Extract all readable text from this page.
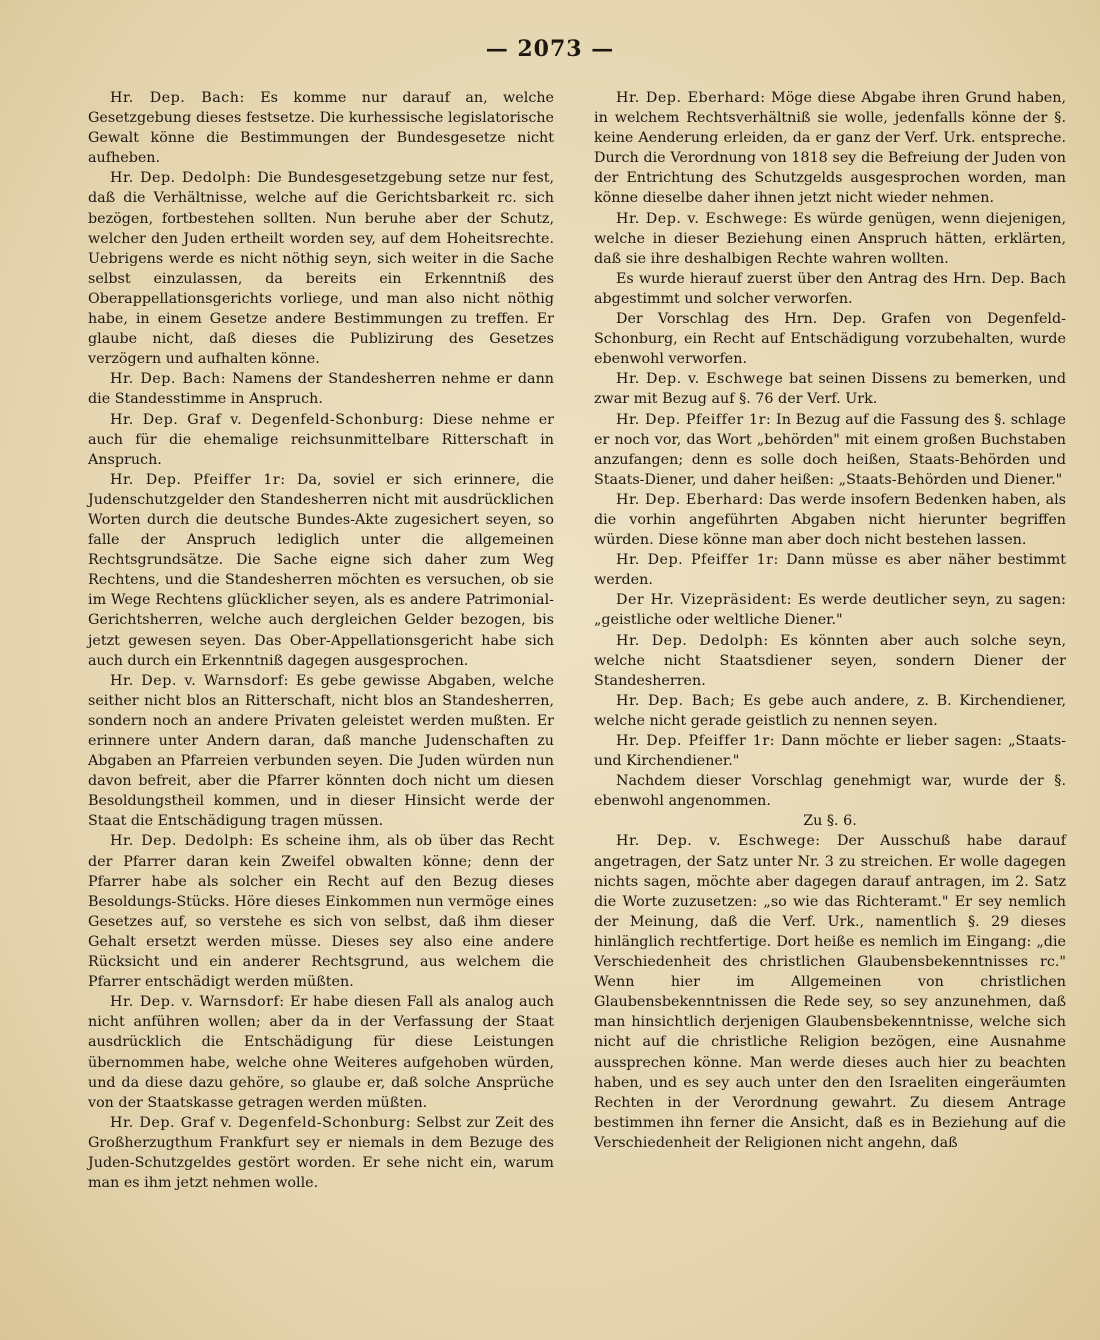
— 2073 —

Hr. Dep. Bach: Es komme nur darauf an, welche Gesetzgebung dieses festsetze. Die kurhessische legislatorische Gewalt könne die Bestimmungen der Bundesgesetze nicht aufheben.

Hr. Dep. Dedolph: Die Bundesgesetzgebung setze nur fest, daß die Verhältnisse, welche auf die Gerichtsbarkeit rc. sich bezögen, fortbestehen sollten. Nun beruhe aber der Schutz, welcher den Juden ertheilt worden sey, auf dem Hoheitsrechte. Uebrigens werde es nicht nöthig seyn, sich weiter in die Sache selbst einzulassen, da bereits ein Erkenntniß des Oberappellationsgerichts vorliege, und man also nicht nöthig habe, in einem Gesetze andere Bestimmungen zu treffen. Er glaube nicht, daß dieses die Publizirung des Gesetzes verzögern und aufhalten könne.

Hr. Dep. Bach: Namens der Standesherren nehme er dann die Standesstimme in Anspruch.

Hr. Dep. Graf v. Degenfeld-Schonburg: Diese nehme er auch für die ehemalige reichsunmittelbare Ritterschaft in Anspruch.

Hr. Dep. Pfeiffer 1r: Da, soviel er sich erinnere, die Judenschutzgelder den Standesherren nicht mit ausdrücklichen Worten durch die deutsche Bundes-Akte zugesichert seyen, so falle der Anspruch lediglich unter die allgemeinen Rechtsgrundsätze. Die Sache eigne sich daher zum Weg Rechtens, und die Standesherren möchten es versuchen, ob sie im Wege Rechtens glücklicher seyen, als es andere Patrimonial-Gerichtsherren, welche auch dergleichen Gelder bezogen, bis jetzt gewesen seyen. Das Ober-Appellationsgericht habe sich auch durch ein Erkenntniß dagegen ausgesprochen.

Hr. Dep. v. Warnsdorf: Es gebe gewisse Abgaben, welche seither nicht blos an Ritterschaft, nicht blos an Standesherren, sondern noch an andere Privaten geleistet werden mußten. Er erinnere unter Andern daran, daß manche Judenschaften zu Abgaben an Pfarreien verbunden seyen. Die Juden würden nun davon befreit, aber die Pfarrer könnten doch nicht um diesen Besoldungstheil kommen, und in dieser Hinsicht werde der Staat die Entschädigung tragen müssen.

Hr. Dep. Dedolph: Es scheine ihm, als ob über das Recht der Pfarrer daran kein Zweifel obwalten könne; denn der Pfarrer habe als solcher ein Recht auf den Bezug dieses Besoldungs-Stücks. Höre dieses Einkommen nun vermöge eines Gesetzes auf, so verstehe es sich von selbst, daß ihm dieser Gehalt ersetzt werden müsse. Dieses sey also eine andere Rücksicht und ein anderer Rechtsgrund, aus welchem die Pfarrer entschädigt werden müßten.

Hr. Dep. v. Warnsdorf: Er habe diesen Fall als analog auch nicht anführen wollen; aber da in der Verfassung der Staat ausdrücklich die Entschädigung für diese Leistungen übernommen habe, welche ohne Weiteres aufgehoben würden, und da diese dazu gehöre, so glaube er, daß solche Ansprüche von der Staatskasse getragen werden müßten.

Hr. Dep. Graf v. Degenfeld-Schonburg: Selbst zur Zeit des Großherzugthum Frankfurt sey er niemals in dem Bezuge des Juden-Schutzgeldes gestört worden. Er sehe nicht ein, warum man es ihm jetzt nehmen wolle.

Hr. Dep. Eberhard: Möge diese Abgabe ihren Grund haben, in welchem Rechtsverhältniß sie wolle, jedenfalls könne der §. keine Aenderung erleiden, da er ganz der Verf. Urk. entspreche. Durch die Verordnung von 1818 sey die Befreiung der Juden von der Entrichtung des Schutzgelds ausgesprochen worden, man könne dieselbe daher ihnen jetzt nicht wieder nehmen.

Hr. Dep. v. Eschwege: Es würde genügen, wenn diejenigen, welche in dieser Beziehung einen Anspruch hätten, erklärten, daß sie ihre deshalbigen Rechte wahren wollten.

Es wurde hierauf zuerst über den Antrag des Hrn. Dep. Bach abgestimmt und solcher verworfen.

Der Vorschlag des Hrn. Dep. Grafen von Degenfeld-Schonburg, ein Recht auf Entschädigung vorzubehalten, wurde ebenwohl verworfen.

Hr. Dep. v. Eschwege bat seinen Dissens zu bemerken, und zwar mit Bezug auf §. 76 der Verf. Urk.

Hr. Dep. Pfeiffer 1r: In Bezug auf die Fassung des §. schlage er noch vor, das Wort „behörden" mit einem großen Buchstaben anzufangen; denn es solle doch heißen, Staats-Behörden und Staats-Diener, und daher heißen: „Staats-Behörden und Diener."

Hr. Dep. Eberhard: Das werde insofern Bedenken haben, als die vorhin angeführten Abgaben nicht hierunter begriffen würden. Diese könne man aber doch nicht bestehen lassen.

Hr. Dep. Pfeiffer 1r: Dann müsse es aber näher bestimmt werden.

Der Hr. Vizepräsident: Es werde deutlicher seyn, zu sagen: „geistliche oder weltliche Diener."

Hr. Dep. Dedolph: Es könnten aber auch solche seyn, welche nicht Staatsdiener seyen, sondern Diener der Standesherren.

Hr. Dep. Bach; Es gebe auch andere, z. B. Kirchendiener, welche nicht gerade geistlich zu nennen seyen.

Hr. Dep. Pfeiffer 1r: Dann möchte er lieber sagen: „Staats- und Kirchendiener."

Nachdem dieser Vorschlag genehmigt war, wurde der §. ebenwohl angenommen.

Zu §. 6.

Hr. Dep. v. Eschwege: Der Ausschuß habe darauf angetragen, der Satz unter Nr. 3 zu streichen. Er wolle dagegen nichts sagen, möchte aber dagegen darauf antragen, im 2. Satz die Worte zuzusetzen: „so wie das Richteramt." Er sey nemlich der Meinung, daß die Verf. Urk., namentlich §. 29 dieses hinlänglich rechtfertige. Dort heiße es nemlich im Eingang: „die Verschiedenheit des christlichen Glaubensbekenntnisses rc." Wenn hier im Allgemeinen von christlichen Glaubensbekenntnissen die Rede sey, so sey anzunehmen, daß man hinsichtlich derjenigen Glaubensbekenntnisse, welche sich nicht auf die christliche Religion bezögen, eine Ausnahme aussprechen könne. Man werde dieses auch hier zu beachten haben, und es sey auch unter den den Israeliten eingeräumten Rechten in der Verordnung gewahrt. Zu diesem Antrage bestimmen ihn ferner die Ansicht, daß es in Beziehung auf die Verschiedenheit der Religionen nicht angehn, daß
